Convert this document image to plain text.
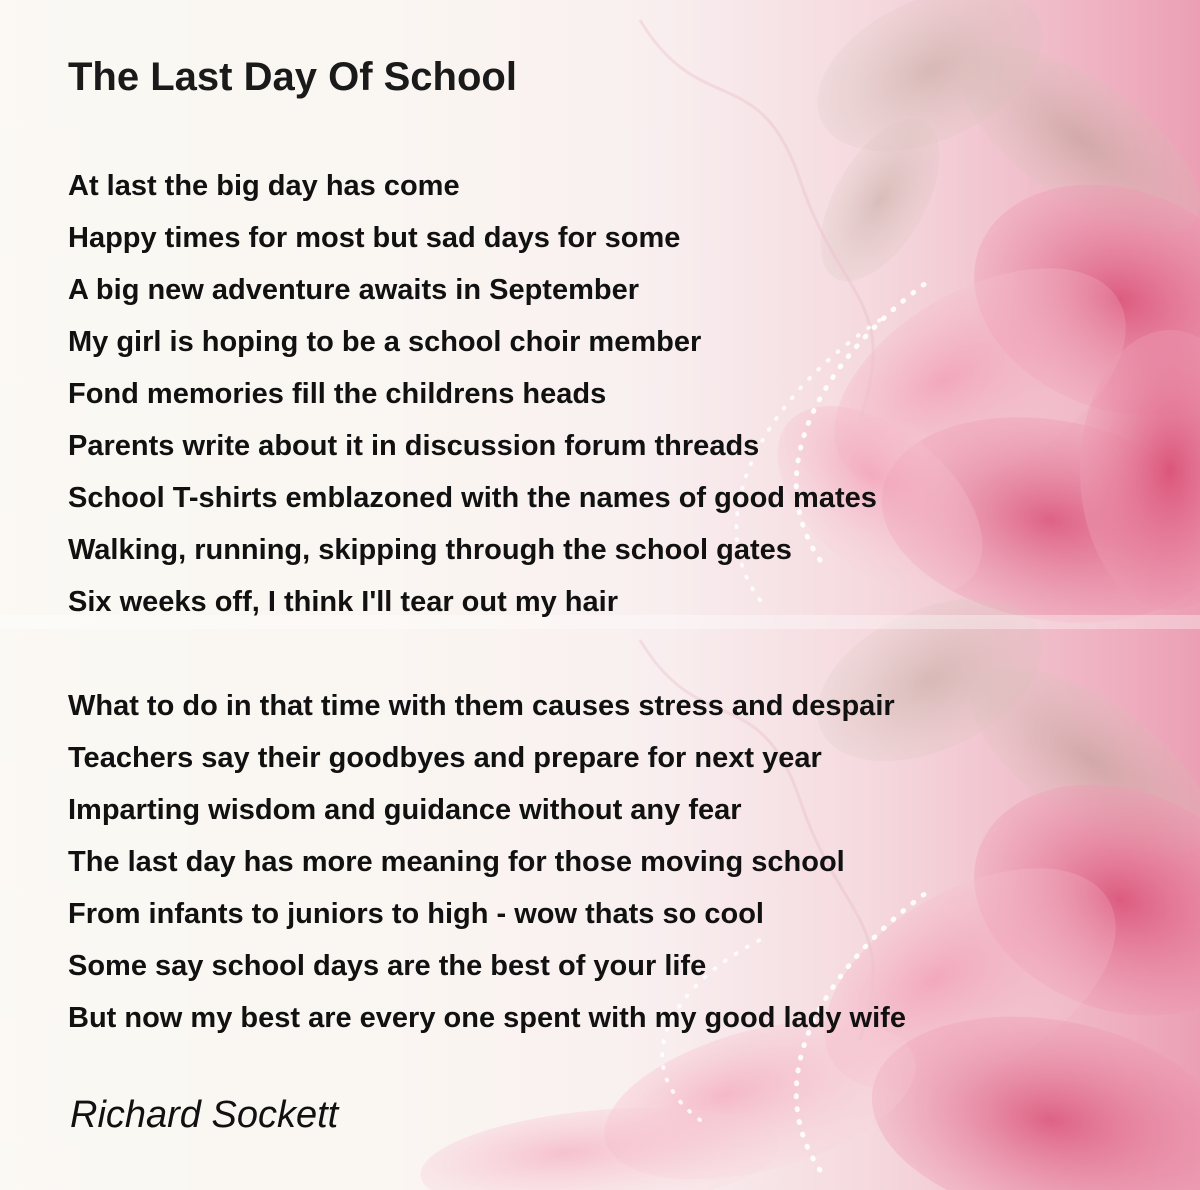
The Last Day Of School
At last the big day has come
Happy times for most but sad days for some
A big new adventure awaits in September
My girl is hoping to be a school choir member
Fond memories fill the childrens heads
Parents write about it in discussion forum threads
School T-shirts emblazoned with the names of good mates
Walking, running, skipping through the school gates
Six weeks off, I think I'll tear out my hair
What to do in that time with them causes stress and despair
Teachers say their goodbyes and prepare for next year
Imparting wisdom and guidance without any fear
The last day has more meaning for those moving school
From infants to juniors to high - wow thats so cool
Some say school days are the best of your life
But now my best are every one spent with my good lady wife
Richard Sockett
